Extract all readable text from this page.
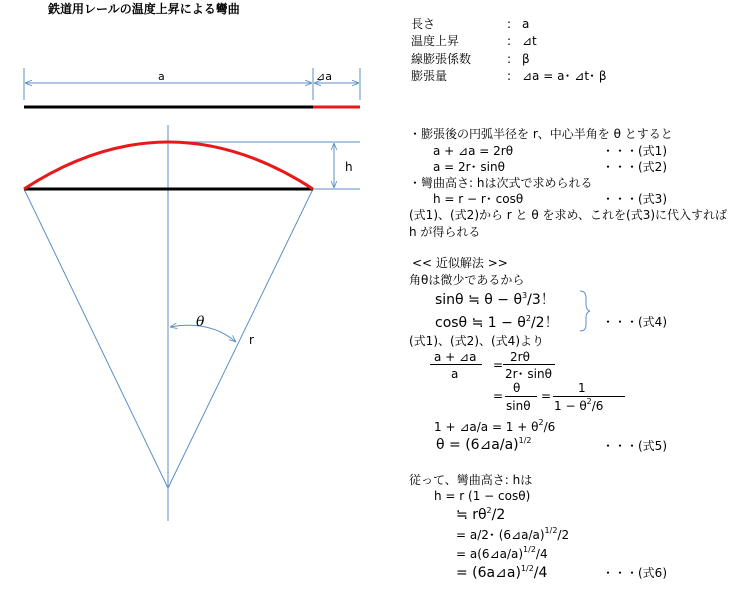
鉄道用レールの温度上昇による彎曲
a	⊿a
h
θ
r
長さ	: a
温度上昇	: ⊿t
線膨張係数	: β
膨張量	: ⊿a = a･ ⊿t･ β
・膨張後の円弧半径を r、中心半角を θ とすると
a + ⊿a = 2rθ	・・・(式1)
a = 2r･ sinθ	・・・(式2)
・彎曲高さ: hは次式で求められる
h = r − r･ cosθ	・・・(式3)
(式1)、(式2)から r と θ を求め、これを(式3)に代入すれば
h が得られる
<< 近似解法 >>
角θは微少であるから
sinθ ≒ $\theta - \theta^3/3$！
cosθ ≒ $1 - \theta^2/2$！	・・・(式4)
(式1)、(式2)、(式4)より
a + ⊿a
a
=
2rθ
2r･ sinθ
=
θ
sinθ
=
1
$1 - \theta^2/6$
1 + ⊿a/a = $1 + \theta^2/6$
θ = (6⊿a/a)$^{1/2}$	・・・(式5)
従って、彎曲高さ: hは
h = r (1 − cosθ)
≒ $r\theta^2/2$
= a/2･ (6⊿a/a)$^{1/2}$/2
= a(6⊿a/a)$^{1/2}$/4
= (6a⊿a)$^{1/2}$/4	・・・(式6)
